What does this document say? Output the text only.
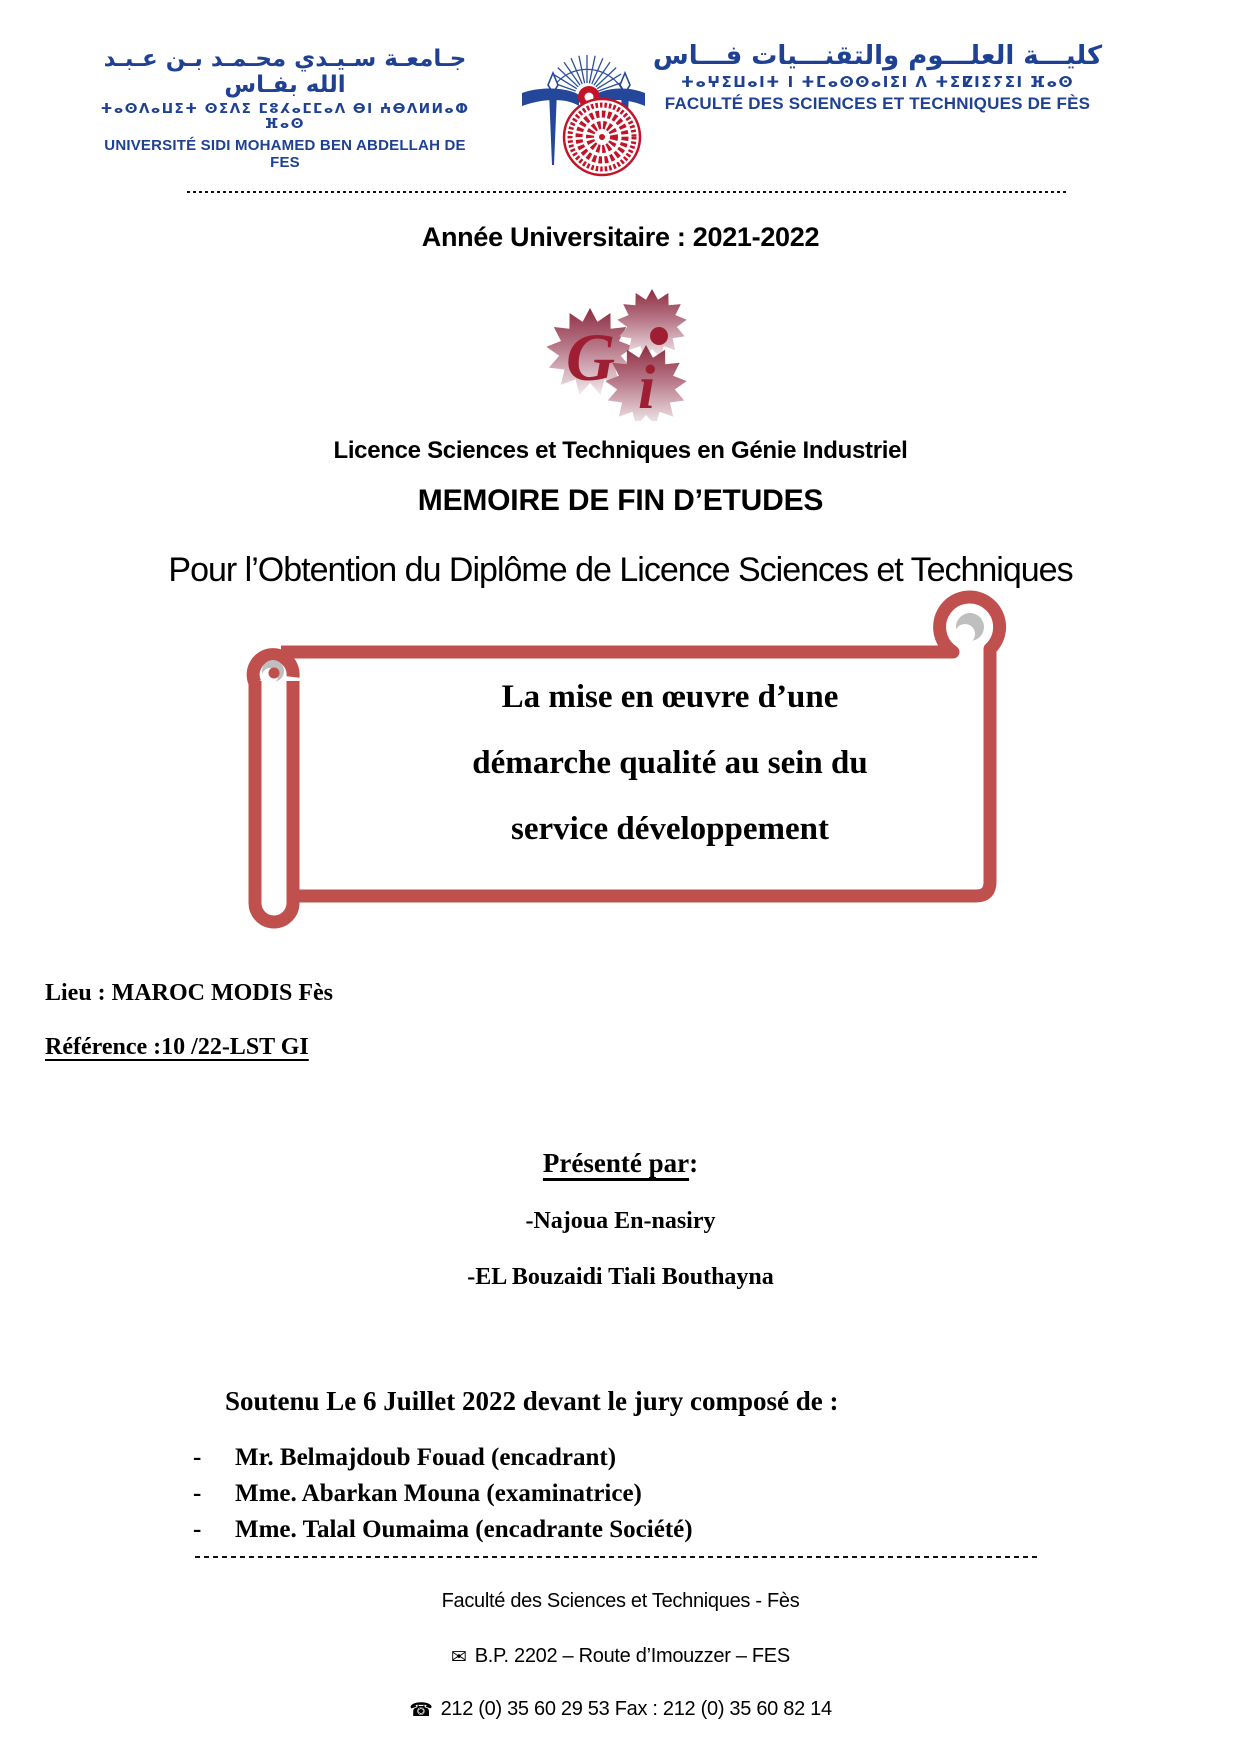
جـامعـة سـيـدي محـمـد بـن عـبـد الله بفـاس
ⵜⴰⵙⴷⴰⵡⵉⵜ ⵙⵉⴷⵉ ⵎⵓⵃⴰⵎⵎⴰⴷ ⴱⵏ ⵄⴱⴷⵍⵍⴰⵀ ⴼⴰⵙ
UNIVERSITÉ SIDI MOHAMED BEN ABDELLAH DE FES
كليـــة العلـــوم والتقنـــيات فـــاس
ⵜⴰⵖⵉⵡⴰⵏⵜ ⵏ ⵜⵎⴰⵙⵙⴰⵏⵉⵏ ⴷ ⵜⵉⵇⵏⵉⵢⵉⵏ ⴼⴰⵙ
FACULTÉ DES SCIENCES ET TECHNIQUES DE FÈS
Année Universitaire : 2021-2022
G i
Licence Sciences et Techniques en Génie Industriel
MEMOIRE DE FIN D’ETUDES
Pour l’Obtention du Diplôme de Licence Sciences et Techniques
La mise en œuvre d’une
démarche qualité au sein du
service développement
Lieu : MAROC MODIS Fès
Référence :10 /22-LST GI
Présenté par:
-Najoua En-nasiry
-EL Bouzaidi Tiali Bouthayna
Soutenu Le 6 Juillet 2022 devant le jury composé de :
-	Mr. Belmajdoub Fouad (encadrant)
-	Mme. Abarkan Mouna (examinatrice)
-	Mme. Talal Oumaima (encadrante Société)
Faculté des Sciences et Techniques - Fès
✉ B.P. 2202 – Route d’Imouzzer – FES
☎ 212 (0) 35 60 29 53 Fax : 212 (0) 35 60 82 14
